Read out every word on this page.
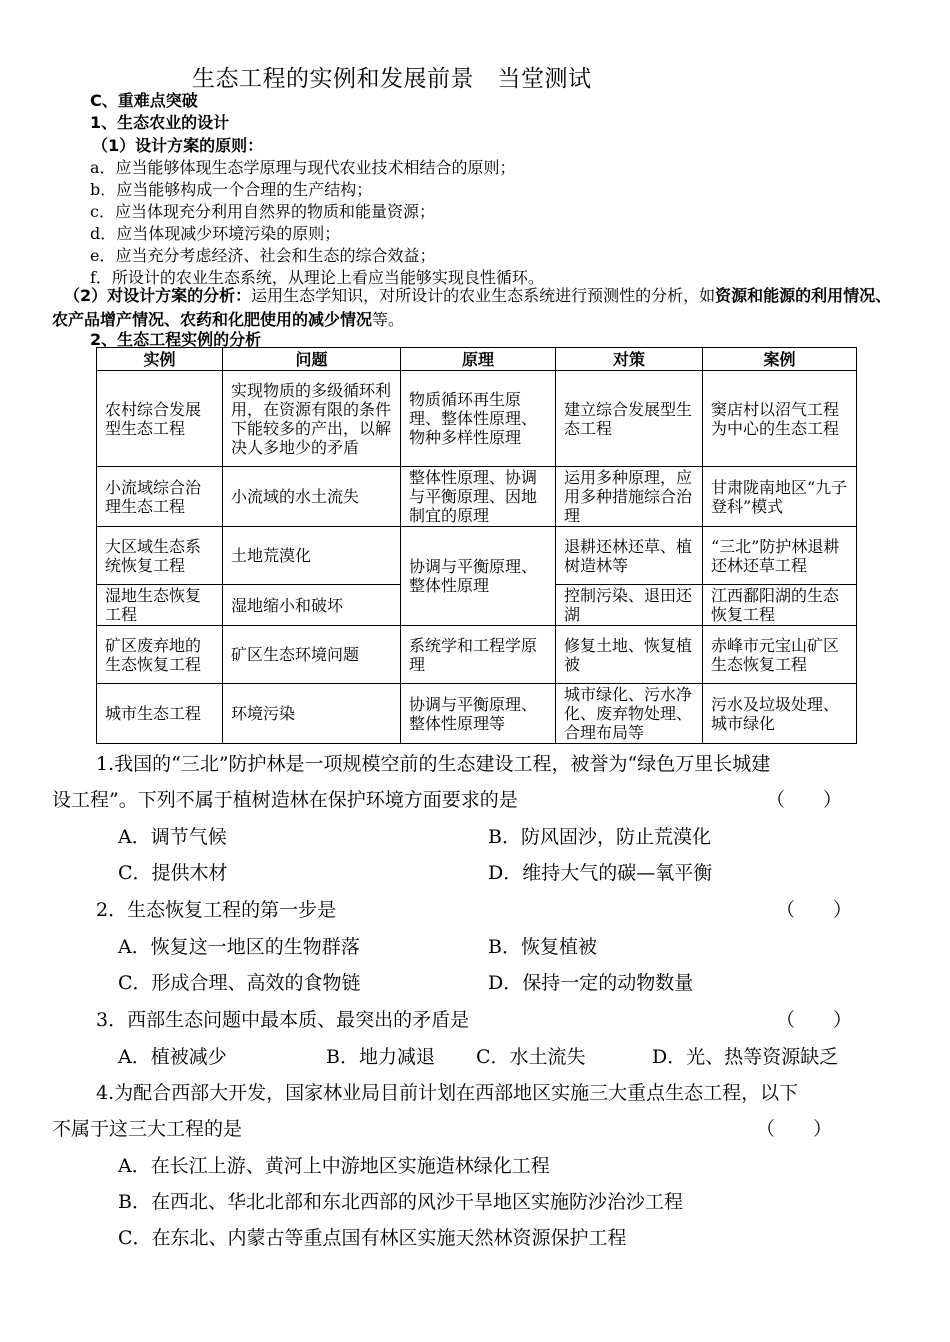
生态工程的实例和发展前景　当堂测试
C、重难点突破
1、生态农业的设计
（1）设计方案的原则：
a．应当能够体现生态学原理与现代农业技术相结合的原则；
b．应当能够构成一个合理的生产结构；
c．应当体现充分利用自然界的物质和能量资源；
d．应当体现减少环境污染的原则；
e．应当充分考虑经济、社会和生态的综合效益；
f．所设计的农业生态系统，从理论上看应当能够实现良性循环。
（2）对设计方案的分析：运用生态学知识，对所设计的农业生态系统进行预测性的分析，如资源和能源的利用情况、农产品增产情况、农药和化肥使用的减少情况等。
2、生态工程实例的分析
实例	问题	原理	对策	案例
农村综合发展型生态工程	实现物质的多级循环利用，在资源有限的条件下能较多的产出，以解决人多地少的矛盾	物质循环再生原理、整体性原理、物种多样性原理	建立综合发展型生态工程	窦店村以沼气工程为中心的生态工程
小流域综合治理生态工程	小流域的水土流失	整体性原理、协调与平衡原理、因地制宜的原理	运用多种原理，应用多种措施综合治理	甘肃陇南地区“九子登科”模式
大区域生态系统恢复工程	土地荒漠化	协调与平衡原理、整体性原理	退耕还林还草、植树造林等	“三北”防护林退耕还林还草工程
湿地生态恢复工程	湿地缩小和破坏		控制污染、退田还湖	江西鄱阳湖的生态恢复工程
矿区废弃地的生态恢复工程	矿区生态环境问题	系统学和工程学原理	修复土地、恢复植被	赤峰市元宝山矿区生态恢复工程
城市生态工程	环境污染	协调与平衡原理、整体性原理等	城市绿化、污水净化、废弃物处理、合理布局等	污水及垃圾处理、城市绿化
1.我国的“三北”防护林是一项规模空前的生态建设工程，被誉为“绿色万里长城建
设工程”。下列不属于植树造林在保护环境方面要求的是	（　　）
A．调节气候	B．防风固沙，防止荒漠化
C．提供木材	D．维持大气的碳—氧平衡
2．生态恢复工程的第一步是	（　　）
A．恢复这一地区的生物群落	B．恢复植被
C．形成合理、高效的食物链	D．保持一定的动物数量
3．西部生态问题中最本质、最突出的矛盾是	（　　）
A．植被减少	B．地力减退 C．水土流失	D．光、热等资源缺乏
4.为配合西部大开发，国家林业局目前计划在西部地区实施三大重点生态工程，以下
不属于这三大工程的是	（　　）
A．在长江上游、黄河上中游地区实施造林绿化工程
B．在西北、华北北部和东北西部的风沙干旱地区实施防沙治沙工程
C．在东北、内蒙古等重点国有林区实施天然林资源保护工程
